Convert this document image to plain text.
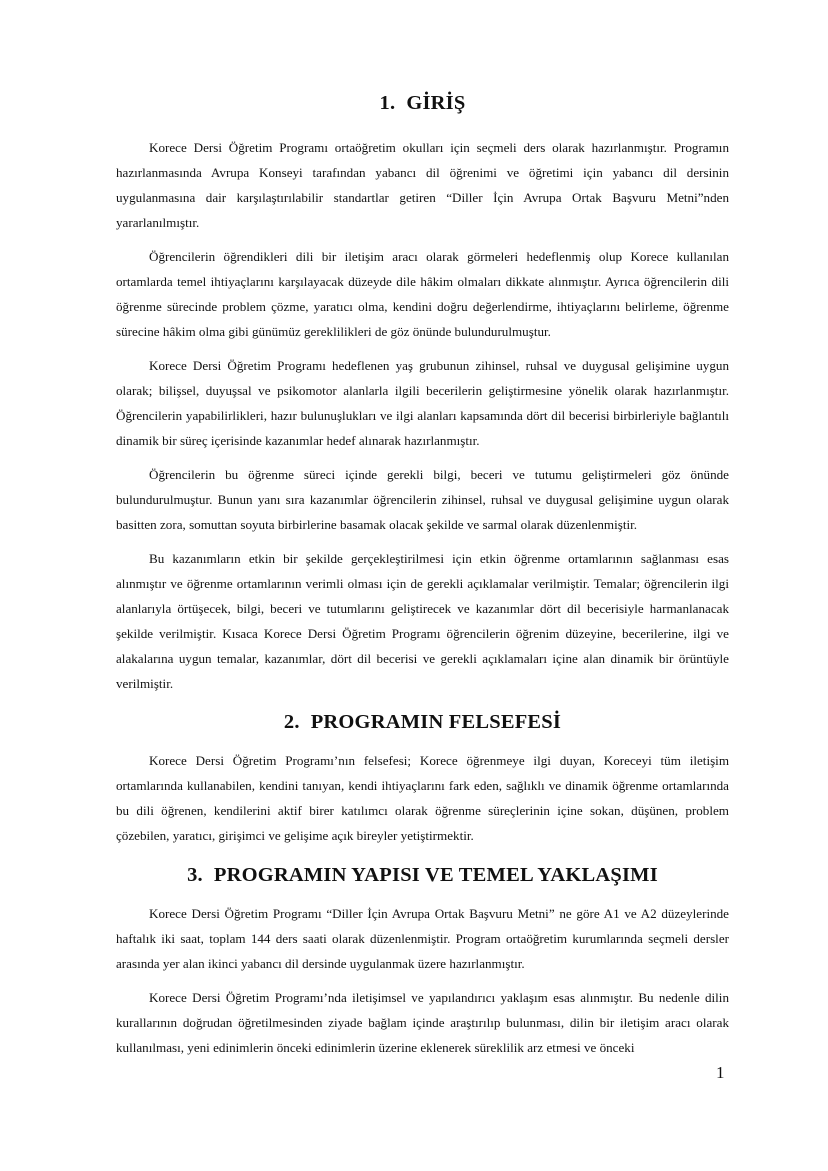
1. GİRİŞ

Korece Dersi Öğretim Programı ortaöğretim okulları için seçmeli ders olarak hazırlanmıştır. Programın hazırlanmasında Avrupa Konseyi tarafından yabancı dil öğrenimi ve öğretimi için yabancı dil dersinin uygulanmasına dair karşılaştırılabilir standartlar getiren “Diller İçin Avrupa Ortak Başvuru Metni”nden yararlanılmıştır.

Öğrencilerin öğrendikleri dili bir iletişim aracı olarak görmeleri hedeflenmiş olup Korece kullanılan ortamlarda temel ihtiyaçlarını karşılayacak düzeyde dile hâkim olmaları dikkate alınmıştır. Ayrıca öğrencilerin dili öğrenme sürecinde problem çözme, yaratıcı olma, kendini doğru değerlendirme, ihtiyaçlarını belirleme, öğrenme sürecine hâkim olma gibi günümüz gereklilikleri de göz önünde bulundurulmuştur.

Korece Dersi Öğretim Programı hedeflenen yaş grubunun zihinsel, ruhsal ve duygusal gelişimine uygun olarak; bilişsel, duyuşsal ve psikomotor alanlarla ilgili becerilerin geliştirmesine yönelik olarak hazırlanmıştır. Öğrencilerin yapabilirlikleri, hazır bulunuşlukları ve ilgi alanları kapsamında dört dil becerisi birbirleriyle bağlantılı dinamik bir süreç içerisinde kazanımlar hedef alınarak hazırlanmıştır.

Öğrencilerin bu öğrenme süreci içinde gerekli bilgi, beceri ve tutumu geliştirmeleri göz önünde bulundurulmuştur. Bunun yanı sıra kazanımlar öğrencilerin zihinsel, ruhsal ve duygusal gelişimine uygun olarak basitten zora, somuttan soyuta birbirlerine basamak olacak şekilde ve sarmal olarak düzenlenmiştir.

Bu kazanımların etkin bir şekilde gerçekleştirilmesi için etkin öğrenme ortamlarının sağlanması esas alınmıştır ve öğrenme ortamlarının verimli olması için de gerekli açıklamalar verilmiştir. Temalar; öğrencilerin ilgi alanlarıyla örtüşecek, bilgi, beceri ve tutumlarını geliştirecek ve kazanımlar dört dil becerisiyle harmanlanacak şekilde verilmiştir. Kısaca Korece Dersi Öğretim Programı öğrencilerin öğrenim düzeyine, becerilerine, ilgi ve alakalarına uygun temalar, kazanımlar, dört dil becerisi ve gerekli açıklamaları içine alan dinamik bir örüntüyle verilmiştir.

2. PROGRAMIN FELSEFESİ

Korece Dersi Öğretim Programı’nın felsefesi; Korece öğrenmeye ilgi duyan, Koreceyi tüm iletişim ortamlarında kullanabilen, kendini tanıyan, kendi ihtiyaçlarını fark eden, sağlıklı ve dinamik öğrenme ortamlarında bu dili öğrenen, kendilerini aktif birer katılımcı olarak öğrenme süreçlerinin içine sokan, düşünen, problem çözebilen, yaratıcı, girişimci ve gelişime açık bireyler yetiştirmektir.

3. PROGRAMIN YAPISI VE TEMEL YAKLAŞIMI

Korece Dersi Öğretim Programı “Diller İçin Avrupa Ortak Başvuru Metni” ne göre A1 ve A2 düzeylerinde haftalık iki saat, toplam 144 ders saati olarak düzenlenmiştir. Program ortaöğretim kurumlarında seçmeli dersler arasında yer alan ikinci yabancı dil dersinde uygulanmak üzere hazırlanmıştır.

Korece Dersi Öğretim Programı’nda iletişimsel ve yapılandırıcı yaklaşım esas alınmıştır. Bu nedenle dilin kurallarının doğrudan öğretilmesinden ziyade bağlam içinde araştırılıp bulunması, dilin bir iletişim aracı olarak kullanılması, yeni edinimlerin önceki edinimlerin üzerine eklenerek süreklilik arz etmesi ve önceki

1
